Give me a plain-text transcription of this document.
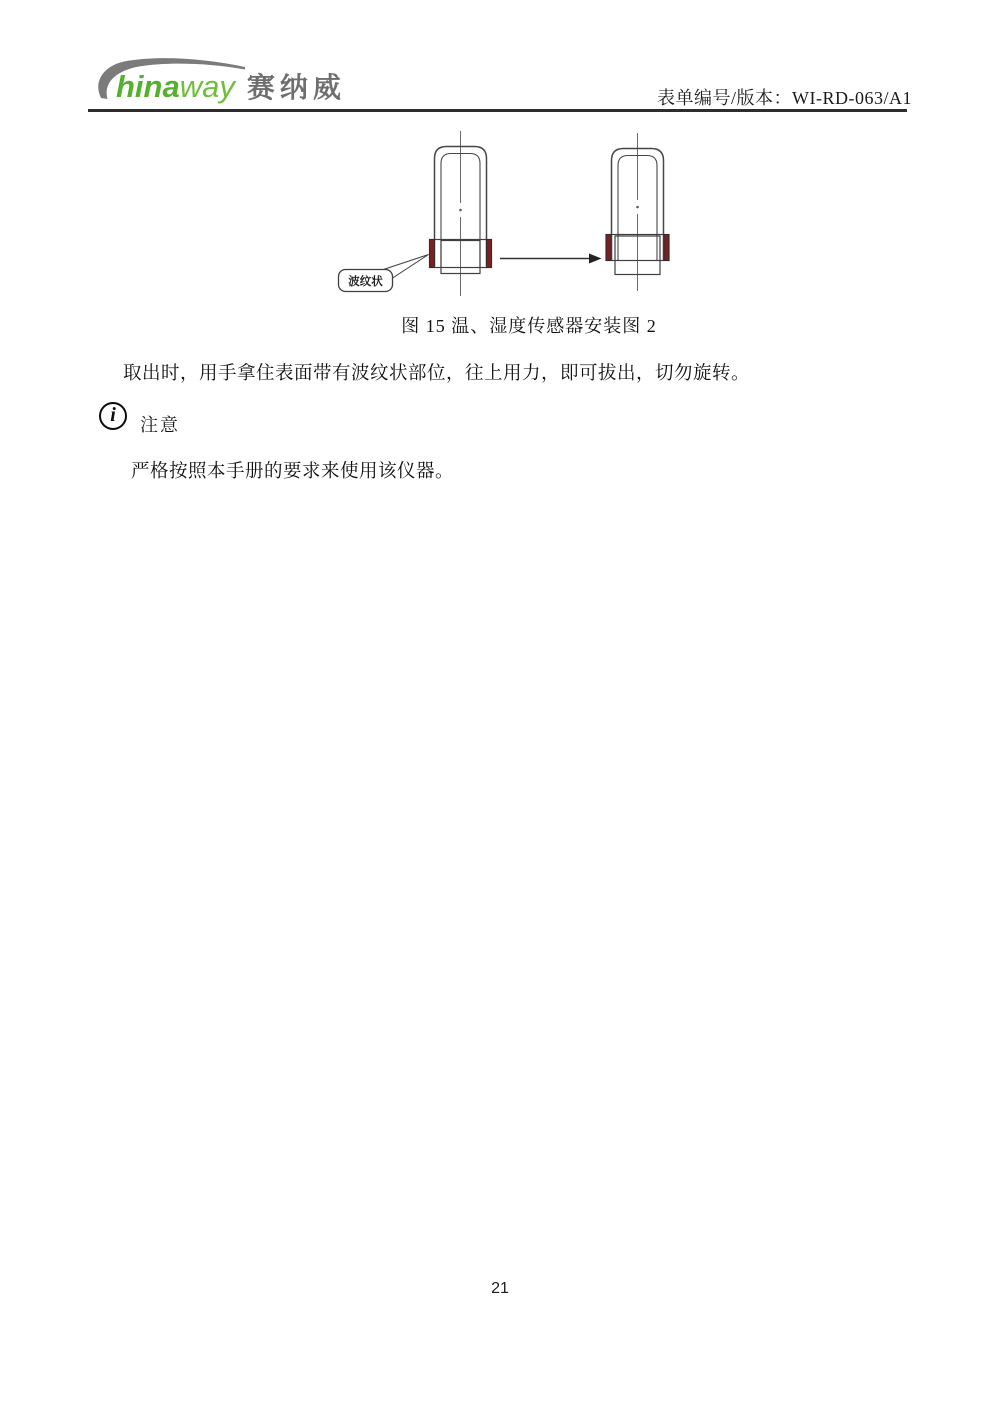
hina way 赛纳威	表单编号/版本：WI-RD-063/A1
波纹状
图 15 温、湿度传感器安装图 2
取出时，用手拿住表面带有波纹状部位，往上用力，即可拔出，切勿旋转。
i 注意
严格按照本手册的要求来使用该仪器。
21
